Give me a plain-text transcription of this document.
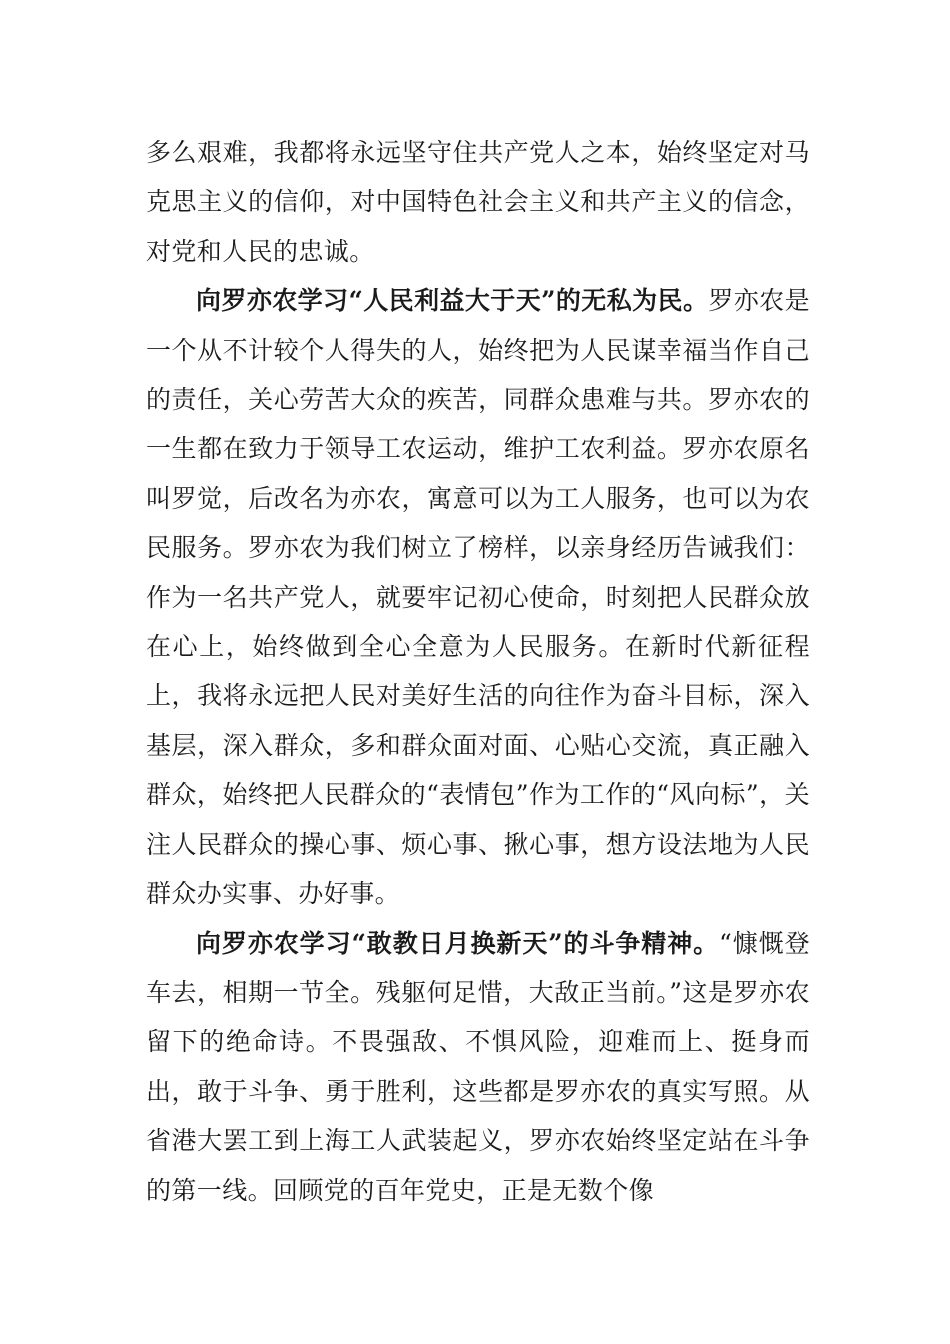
多么艰难，我都将永远坚守住共产党人之本，始终坚定对马克思主义的信仰，对中国特色社会主义和共产主义的信念，对党和人民的忠诚。

向罗亦农学习“人民利益大于天”的无私为民。罗亦农是一个从不计较个人得失的人，始终把为人民谋幸福当作自己的责任，关心劳苦大众的疾苦，同群众患难与共。罗亦农的一生都在致力于领导工农运动，维护工农利益。罗亦农原名叫罗觉，后改名为亦农，寓意可以为工人服务，也可以为农民服务。罗亦农为我们树立了榜样，以亲身经历告诫我们：作为一名共产党人，就要牢记初心使命，时刻把人民群众放在心上，始终做到全心全意为人民服务。在新时代新征程上，我将永远把人民对美好生活的向往作为奋斗目标，深入基层，深入群众，多和群众面对面、心贴心交流，真正融入群众，始终把人民群众的“表情包”作为工作的“风向标”，关注人民群众的操心事、烦心事、揪心事，想方设法地为人民群众办实事、办好事。

向罗亦农学习“敢教日月换新天”的斗争精神。“慷慨登车去，相期一节全。残躯何足惜，大敌正当前。”这是罗亦农留下的绝命诗。不畏强敌、不惧风险，迎难而上、挺身而出，敢于斗争、勇于胜利，这些都是罗亦农的真实写照。从省港大罢工到上海工人武装起义，罗亦农始终坚定站在斗争的第一线。回顾党的百年党史，正是无数个像
